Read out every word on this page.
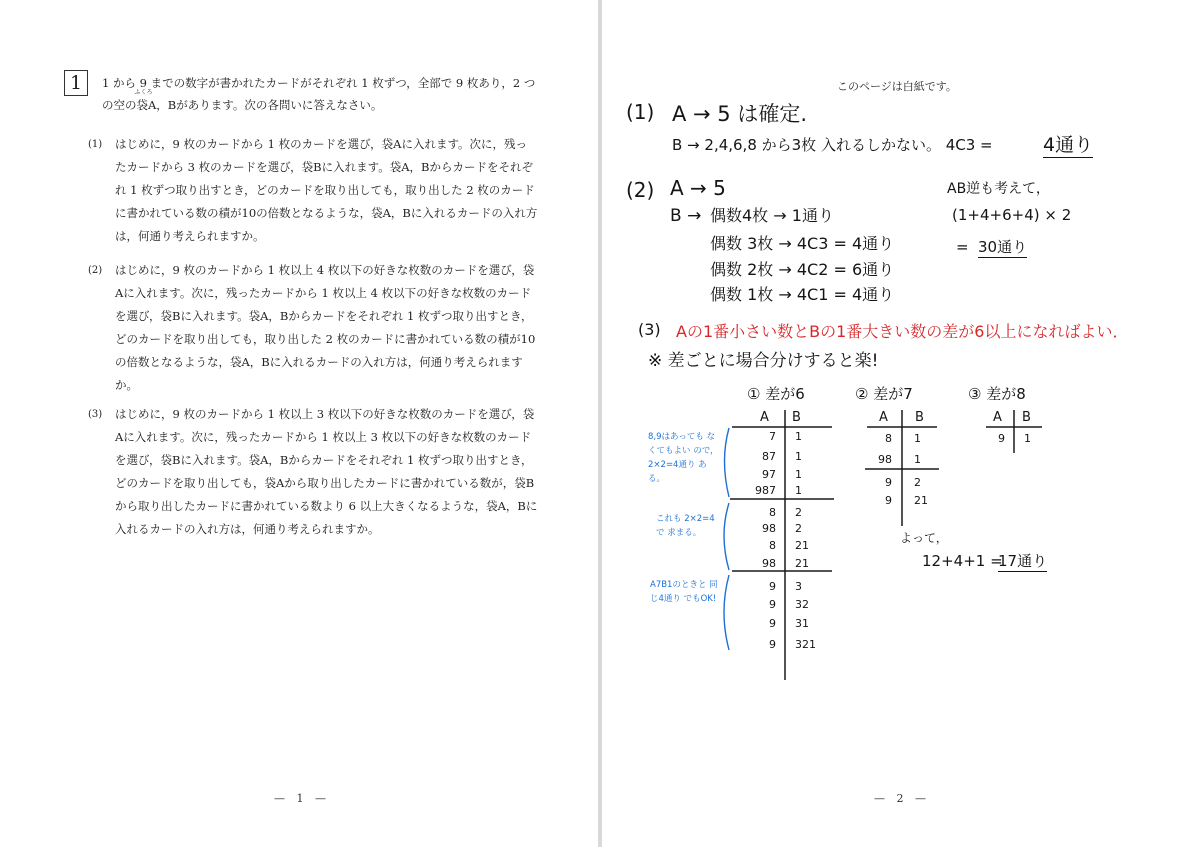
1	1 から 9 までの数字が書かれたカードがそれぞれ 1 枚ずつ，全部で 9 枚あり，2 つの空の
ふくろ
袋A，Bがあります。次の各問いに答えなさい。

(1) はじめに，9 枚のカードから 1 枚のカードを選び，袋Aに入れます。次に，残ったカードから 3 枚のカードを選び，袋Bに入れます。袋A，Bからカードをそれぞれ 1 枚ずつ取り出すとき，どのカードを取り出しても，取り出した 2 枚のカードに書かれている数の積が10の倍数となるような，袋A，Bに入れるカードの入れ方は，何通り考えられますか。
(2) はじめに，9 枚のカードから 1 枚以上 4 枚以下の好きな枚数のカードを選び，袋Aに入れます。次に，残ったカードから 1 枚以上 4 枚以下の好きな枚数のカードを選び，袋Bに入れます。袋A，Bからカードをそれぞれ 1 枚ずつ取り出すとき，どのカードを取り出しても，取り出した 2 枚のカードに書かれている数の積が10の倍数となるような，袋A，Bに入れるカードの入れ方は，何通り考えられますか。
(3) はじめに，9 枚のカードから 1 枚以上 3 枚以下の好きな枚数のカードを選び，袋Aに入れます。次に，残ったカードから 1 枚以上 3 枚以下の好きな枚数のカードを選び，袋Bに入れます。袋A，Bからカードをそれぞれ 1 枚ずつ取り出すとき，どのカードを取り出しても，袋Aから取り出したカードに書かれている数が，袋Bから取り出したカードに書かれている数より 6 以上大きくなるような，袋A，Bに入れるカードの入れ方は，何通り考えられますか。
— 1 —
このページは白紙です。
(1) A → 5 は確定.
B → 2,4,6,8 から3枚 入れるしかない。 4C3 =	4通り
(2) A → 5
B → 偶数4枚 → 1通り
偶数 3枚 → 4C3 = 4通り
偶数 2枚 → 4C2 = 6通り
偶数 1枚 → 4C1 = 4通り
AB逆も考えて，
(1+4+6+4) × 2
= 30通り
(3) Aの1番小さい数とBの1番大きい数の差が6以上になればよい．
※ 差ごとに場合分けすると楽!
① 差が6	② 差が7	③ 差が8
A B	A B	A B
7 1
87 1
97 1
987 1
8 2
98 2
8 21
98 21
9 3
9 32
9 31
9 321
8 1
98 1
9 2
9 21
9 1
8,9はあっても なくてもよい ので， 2×2=4通り ある。
これも 2×2=4で 求まる。
A7B1のときと 同じ4通り でもOK!
よって，
12+4+1 =
17通り
— 2 —
